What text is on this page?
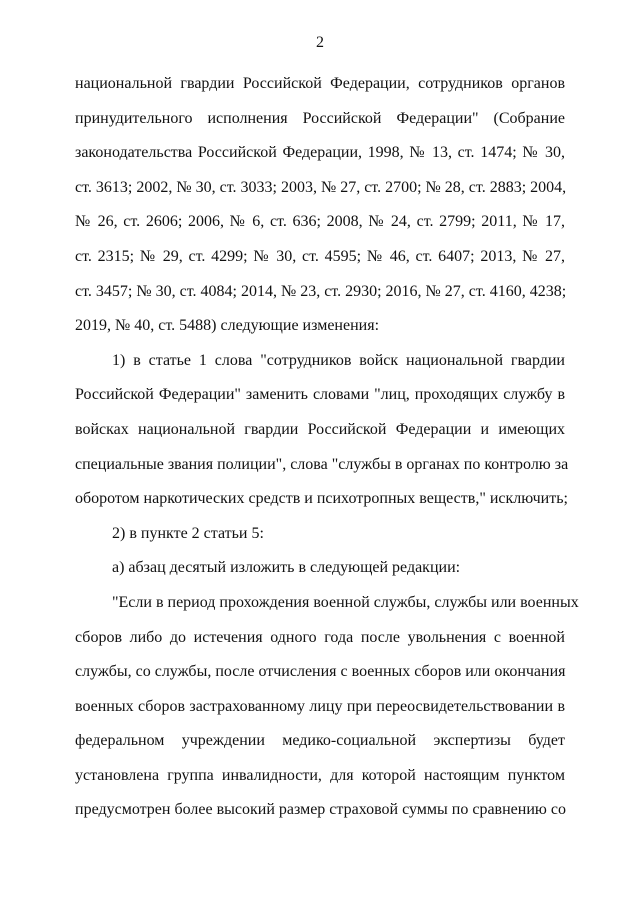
2
национальной гвардии Российской Федерации, сотрудников органов
принудительного исполнения Российской Федерации" (Собрание
законодательства Российской Федерации, 1998, № 13, ст. 1474; № 30,
ст. 3613; 2002, № 30, ст. 3033; 2003, № 27, ст. 2700; № 28, ст. 2883; 2004,
№ 26, ст. 2606; 2006, № 6, ст. 636; 2008, № 24, ст. 2799; 2011, № 17,
ст. 2315; № 29, ст. 4299; № 30, ст. 4595; № 46, ст. 6407; 2013, № 27,
ст. 3457; № 30, ст. 4084; 2014, № 23, ст. 2930; 2016, № 27, ст. 4160, 4238;
2019, № 40, ст. 5488) следующие изменения:
1) в статье 1 слова "сотрудников войск национальной гвардии
Российской Федерации" заменить словами "лиц, проходящих службу в
войсках национальной гвардии Российской Федерации и имеющих
специальные звания полиции", слова "службы в органах по контролю за
оборотом наркотических средств и психотропных веществ," исключить;
2) в пункте 2 статьи 5:
а) абзац десятый изложить в следующей редакции:
"Если в период прохождения военной службы, службы или военных
сборов либо до истечения одного года после увольнения с военной
службы, со службы, после отчисления с военных сборов или окончания
военных сборов застрахованному лицу при переосвидетельствовании в
федеральном учреждении медико-социальной экспертизы будет
установлена группа инвалидности, для которой настоящим пунктом
предусмотрен более высокий размер страховой суммы по сравнению со
